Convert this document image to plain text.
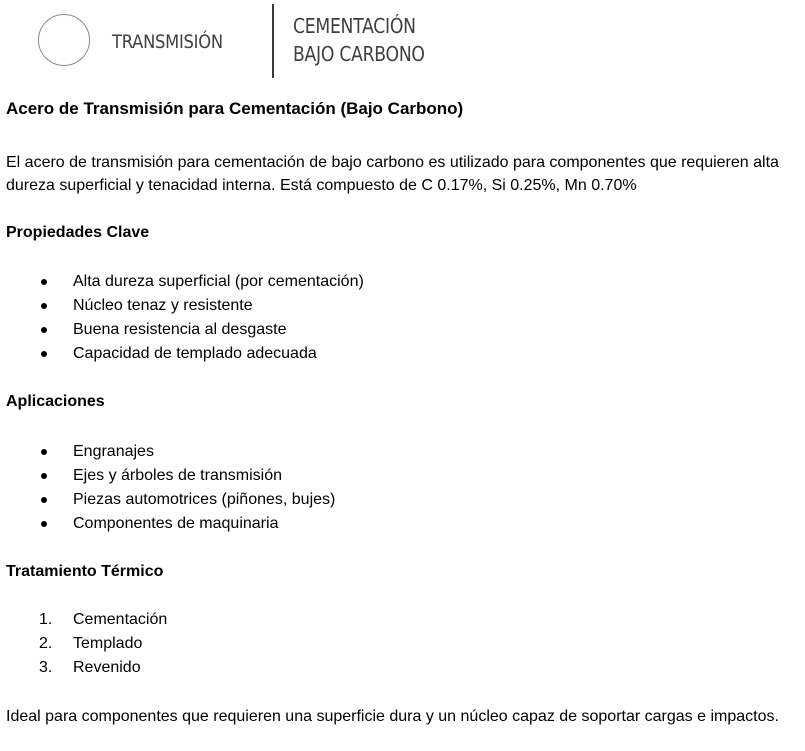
TRANSMISIÓN
CEMENTACIÓN
BAJO CARBONO
Acero de Transmisión para Cementación (Bajo Carbono)

El acero de transmisión para cementación de bajo carbono es utilizado para componentes que requieren alta dureza superficial y tenacidad interna. Está compuesto de C 0.17%, Si 0.25%, Mn 0.70%

Propiedades Clave
Alta dureza superficial (por cementación)
Núcleo tenaz y resistente
Buena resistencia al desgaste
Capacidad de templado adecuada
Aplicaciones
Engranajes
Ejes y árboles de transmisión
Piezas automotrices (piñones, bujes)
Componentes de maquinaria
Tratamiento Térmico
1. Cementación
2. Templado
3. Revenido

Ideal para componentes que requieren una superficie dura y un núcleo capaz de soportar cargas e impactos.
